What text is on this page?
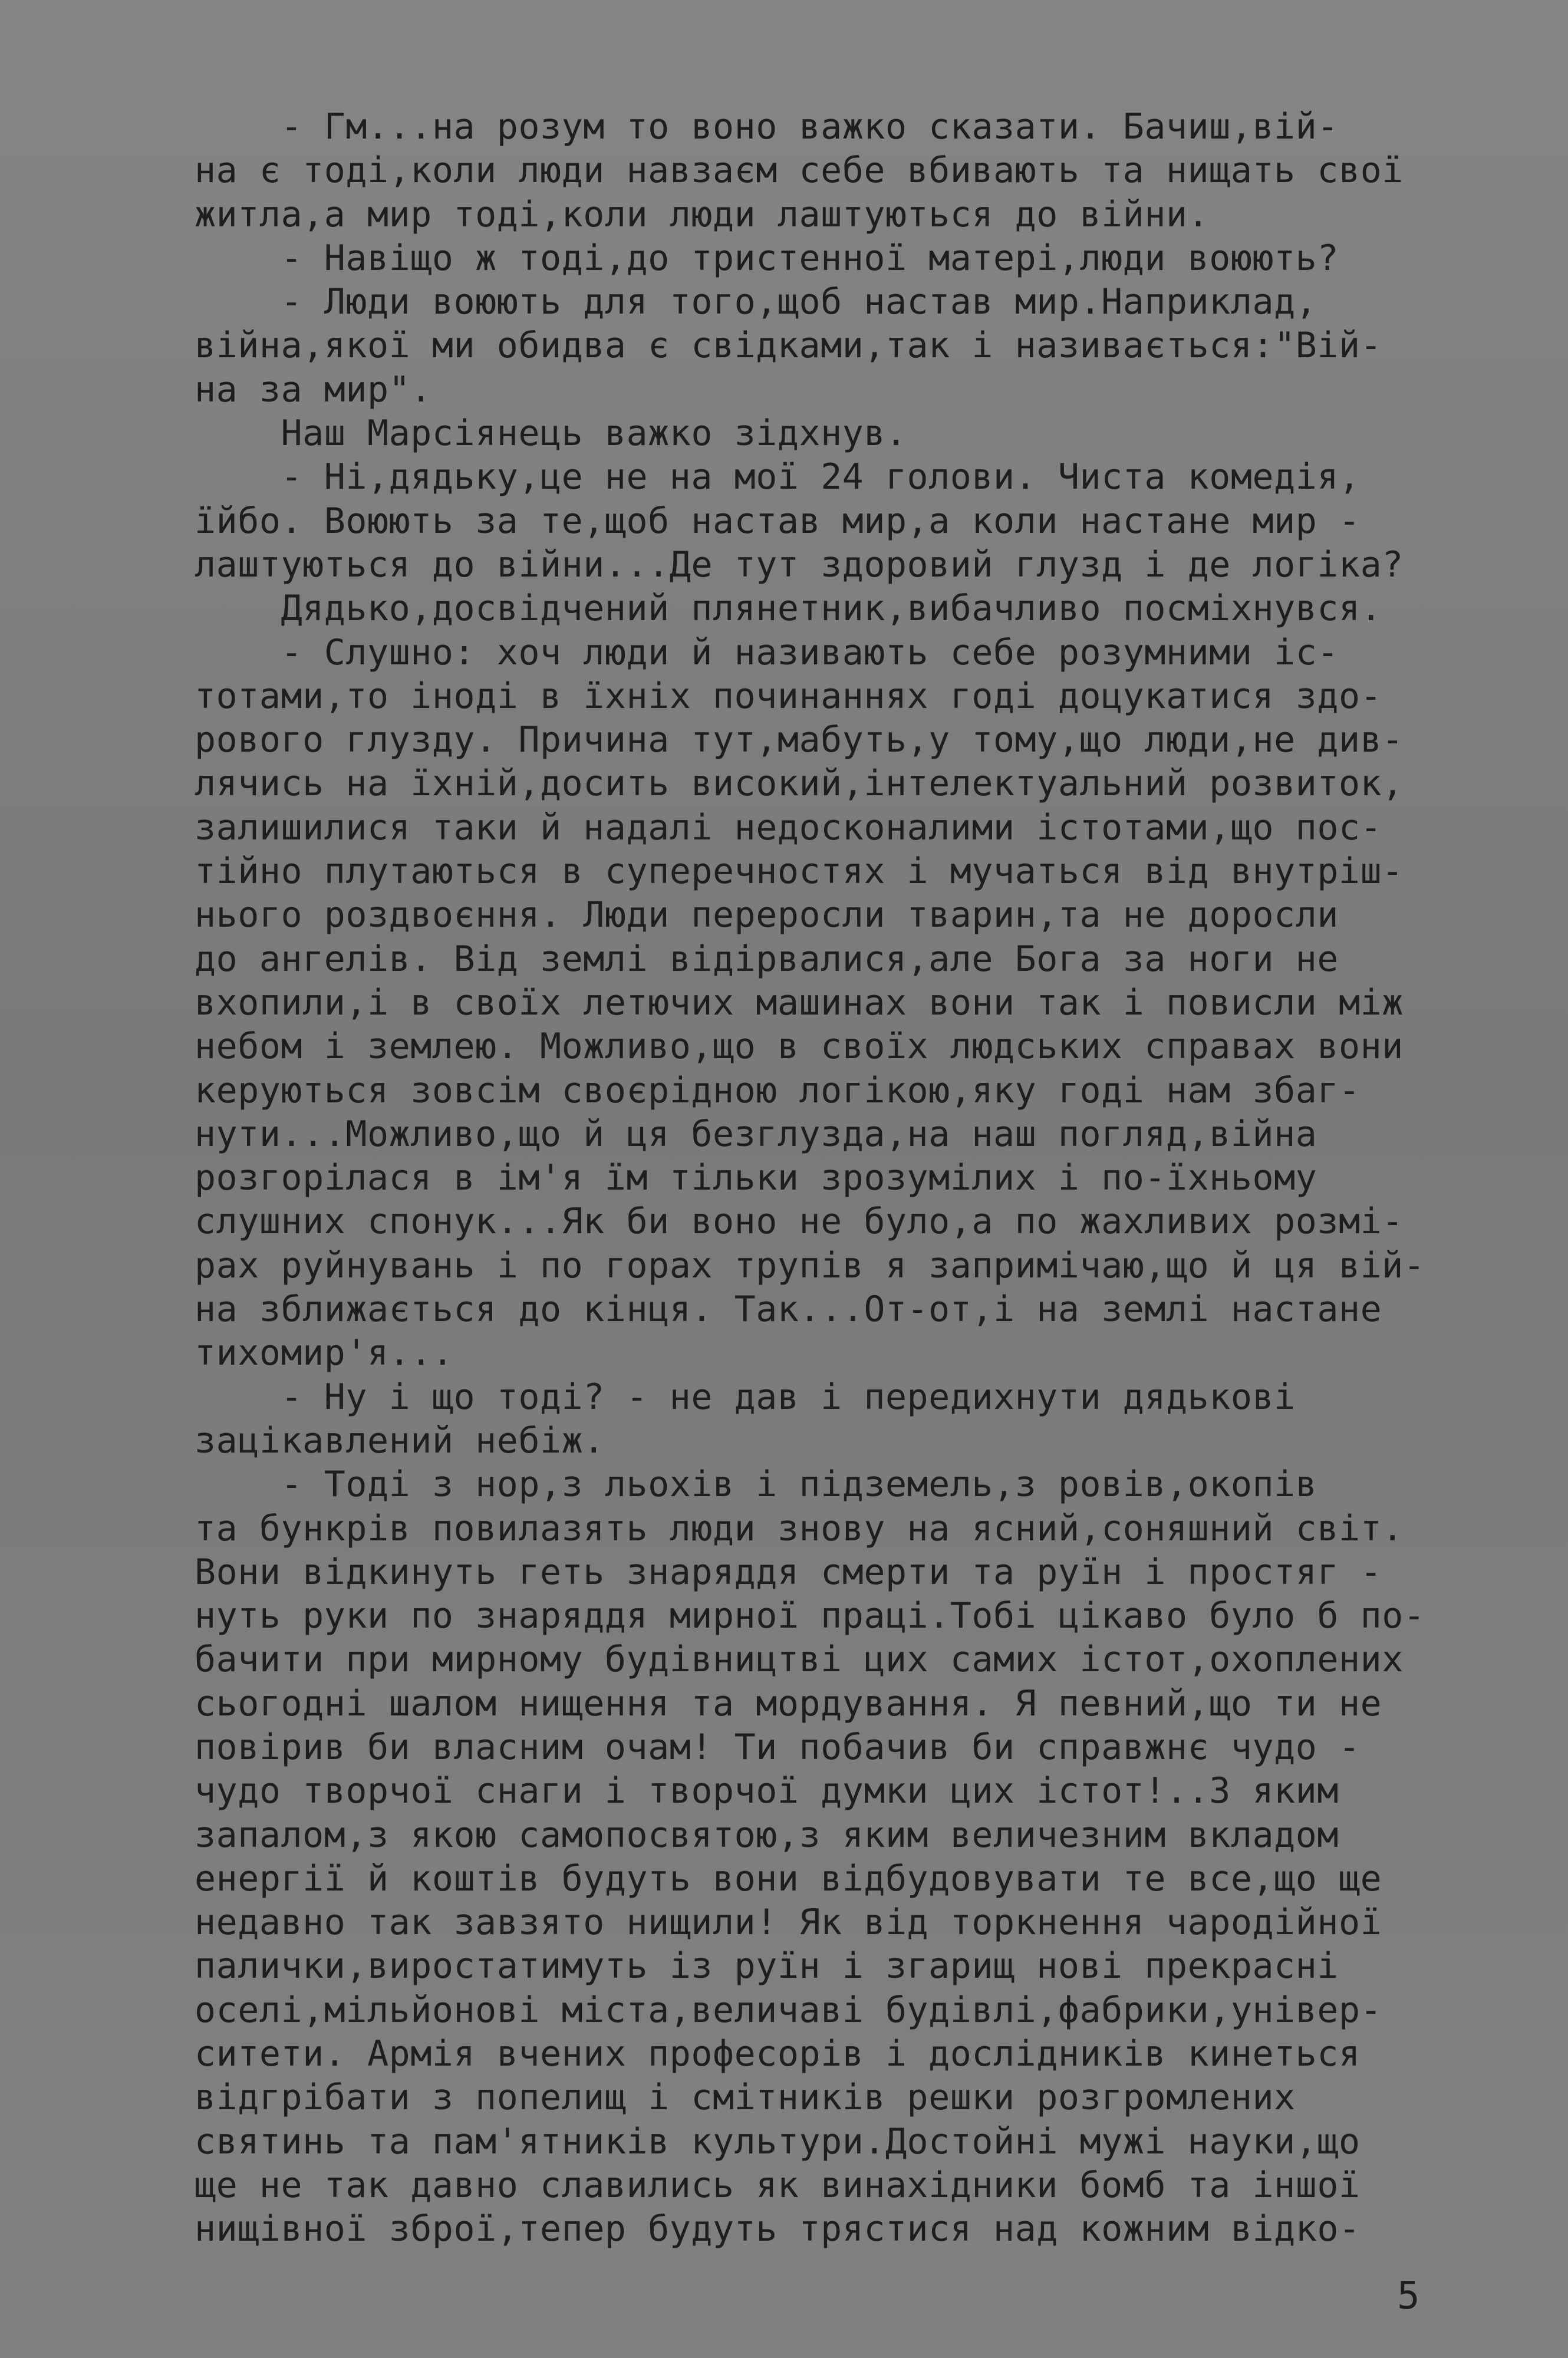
- Гм...на розум то воно важко сказати. Бачиш,вій-
на є тоді,коли люди навзаєм себе вбивають та нищать свої
житла,а мир тоді,коли люди лаштуються до війни.
- Навіщо ж тоді,до тристенної матері,люди воюють?
- Люди воюють для того,щоб настав мир.Наприклад,
війна,якої ми обидва є свідками,так і називається:"Вій-
на за мир".
Наш Марсіянець важко зідхнув.
- Ні,дядьку,це не на мої 24 голови. Чиста комедія,
їйбо. Воюють за те,щоб настав мир,а коли настане мир -
лаштуються до війни...Де тут здоровий глузд і де логіка?
Дядько,досвідчений плянетник,вибачливо посміхнувся.
- Слушно: хоч люди й називають себе розумними іс-
тотами,то іноді в їхніх починаннях годі доцукатися здо-
рового глузду. Причина тут,мабуть,у тому,що люди,не див-
лячись на їхній,досить високий,інтелектуальний розвиток,
залишилися таки й надалі недосконалими істотами,що пос-
тійно плутаються в суперечностях і мучаться від внутріш-
нього роздвоєння. Люди переросли тварин,та не доросли
до ангелів. Від землі відірвалися,але Бога за ноги не
вхопили,і в своїх летючих машинах вони так і повисли між
небом і землею. Можливо,що в своїх людських справах вони
керуються зовсім своєрідною логікою,яку годі нам збаг-
нути...Можливо,що й ця безглузда,на наш погляд,війна
розгорілася в ім'я їм тільки зрозумілих і по-їхньому
слушних спонук...Як би воно не було,а по жахливих розмі-
рах руйнувань і по горах трупів я запримічаю,що й ця вій-
на зближається до кінця. Так...От-от,і на землі настане
тихомир'я...
- Ну і що тоді? - не дав і передихнути дядькові
зацікавлений небіж.
- Тоді з нор,з льохів і підземель,з ровів,окопів
та бункрів повилазять люди знову на ясний,соняшний світ.
Вони відкинуть геть знаряддя смерти та руїн і простяг -
нуть руки по знаряддя мирної праці.Тобі цікаво було б по-
бачити при мирному будівництві цих самих істот,охоплених
сьогодні шалом нищення та мордування. Я певний,що ти не
повірив би власним очам! Ти побачив би справжнє чудо -
чудо творчої снаги і творчої думки цих істот!..З яким
запалом,з якою самопосвятою,з яким величезним вкладом
енергії й коштів будуть вони відбудовувати те все,що ще
недавно так завзято нищили! Як від торкнення чародійної
палички,виростатимуть із руїн і згарищ нові прекрасні
оселі,мільйонові міста,величаві будівлі,фабрики,універ-
ситети. Армія вчених професорів і дослідників кинеться
відгрібати з попелищ і смітників решки розгромлених
святинь та пам'ятників культури.Достойні мужі науки,що
ще не так давно славились як винахідники бомб та іншої
нищівної зброї,тепер будуть трястися над кожним відко-
5
